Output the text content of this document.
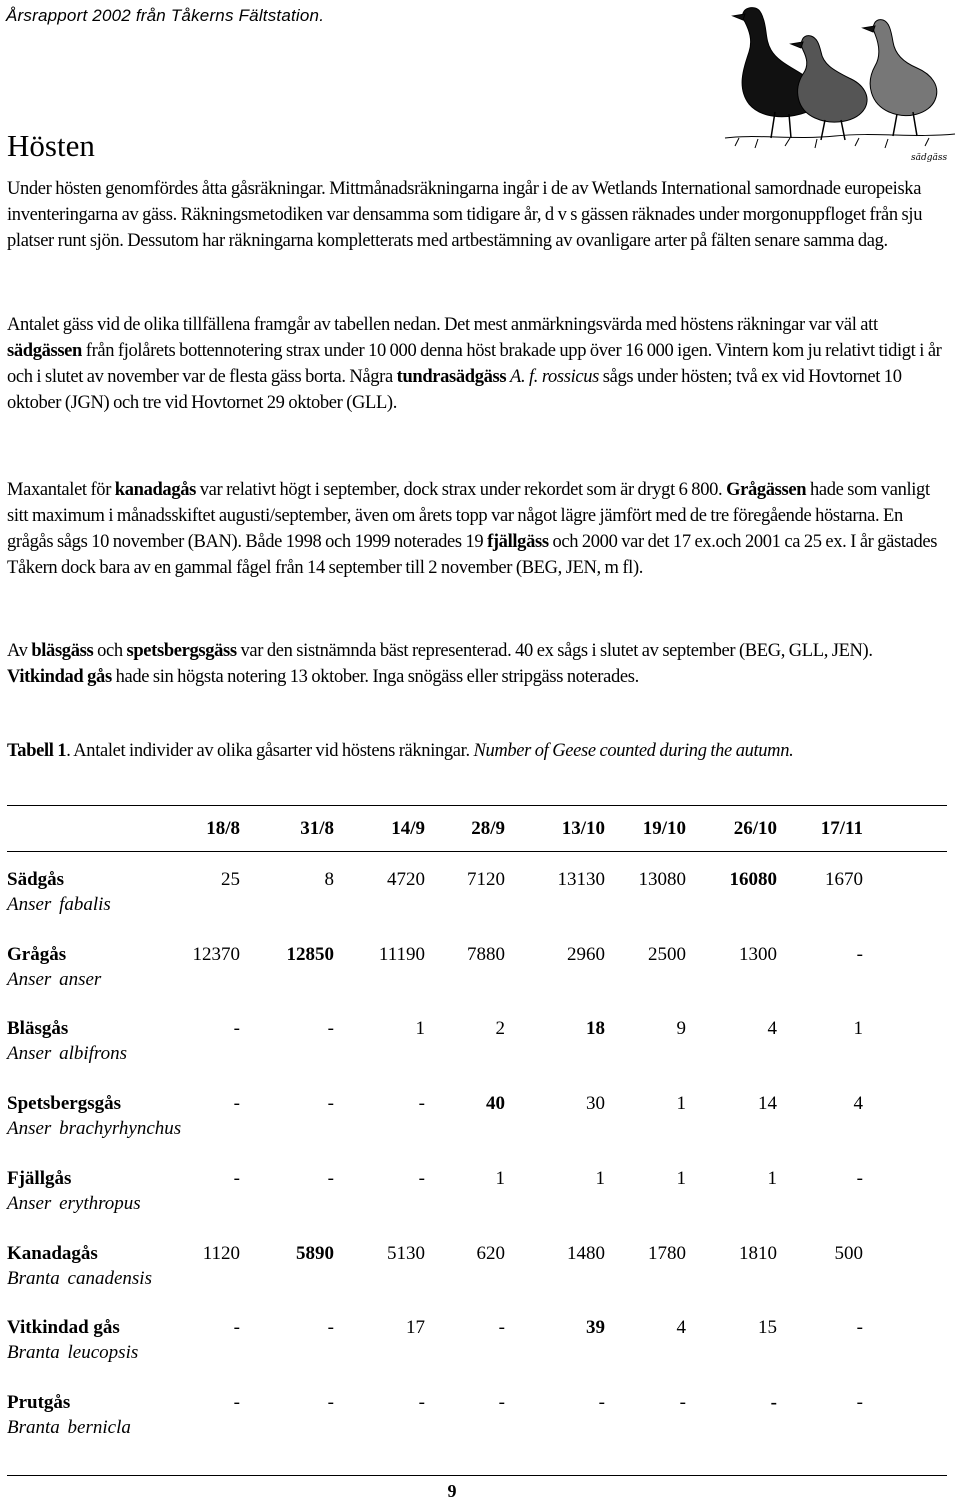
Årsrapport 2002 från Tåkerns Fältstation.
sädgäss
Hösten

Under hösten genomfördes åtta gåsräkningar. Mittmånadsräkningarna ingår i de av Wetlands International samordnade europeiska inventeringarna av gäss. Räkningsmetodiken var densamma som tidigare år, d v s gässen räknades under morgonuppfloget från sju platser runt sjön. Dessutom har räkningarna kompletterats med artbestämning av ovanligare arter på fälten senare samma dag.

Antalet gäss vid de olika tillfällena framgår av tabellen nedan. Det mest anmärkningsvärda med höstens räkningar var väl att sädgässen från fjolårets bottennotering strax under 10 000 denna höst brakade upp över 16 000 igen. Vintern kom ju relativt tidigt i år och i slutet av november var de flesta gäss borta. Några tundrasädgäss A. f. rossicus sågs under hösten; två ex vid Hovtornet 10 oktober (JGN) och tre vid Hovtornet 29 oktober (GLL).

Maxantalet för kanadagås var relativt högt i september, dock strax under rekordet som är drygt 6 800. Grågässen hade som vanligt sitt maximum i månadsskiftet augusti/september, även om årets topp var något lägre jämfört med de tre föregående höstarna. En grågås sågs 10 november (BAN). Både 1998 och 1999 noterades 19 fjällgäss och 2000 var det 17 ex.och 2001 ca 25 ex. I år gästades Tåkern dock bara av en gammal fågel från 14 september till 2 november (BEG, JEN, m fl).

Av bläsgäss och spetsbergsgäss var den sistnämnda bäst representerad. 40 ex sågs i slutet av september (BEG, GLL, JEN). Vitkindad gås hade sin högsta notering 13 oktober. Inga snögäss eller stripgäss noterades.

Tabell 1. Antalet individer av olika gåsarter vid höstens räkningar. Number of Geese counted during the autumn.

18/8	31/8	14/9	28/9	13/10	19/10	26/10	17/11
Sädgås
Anser fabalis
25	8	4720	7120	13130	13080	16080	1670
Grågås
Anser anser
12370	12850	11190	7880	2960	2500	1300	-
Bläsgås
Anser albifrons
-	-	1	2	18	9	4	1
Spetsbergsgås
Anser brachyrhynchus
-	-	-	40	30	1	14	4
Fjällgås
Anser erythropus
-	-	-	1	1	1	1	-
Kanadagås
Branta canadensis
1120	5890	5130	620	1480	1780	1810	500
Vitkindad gås
Branta leucopsis
-	-	17	-	39	4	15	-
Prutgås
Branta bernicla
-	-	-	-	-	-	-	-
9
